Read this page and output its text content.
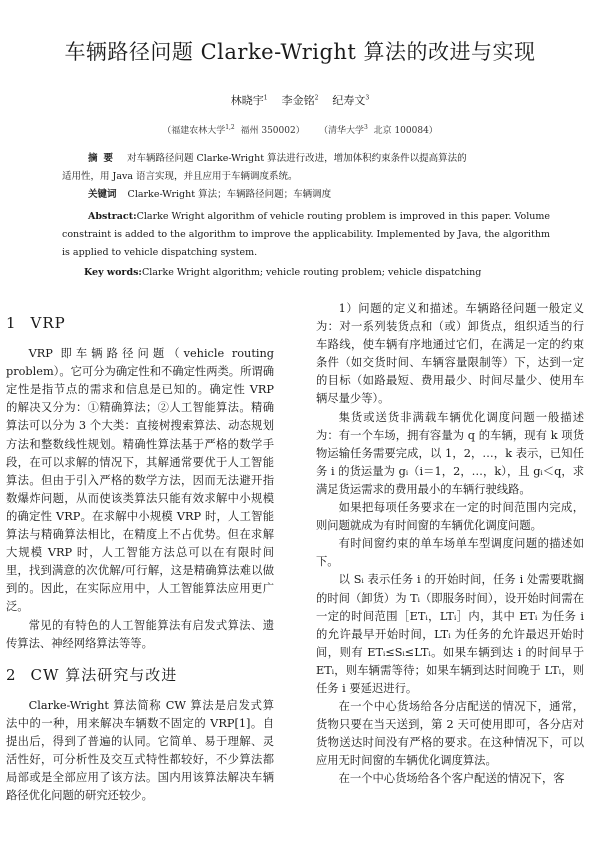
车辆路径问题 Clarke-Wright 算法的改进与实现
林晓宇$^1$ 李金铭$^2$ 纪寿文$^3$
（福建农林大学$^{1,2}$ 福州 350002） （清华大学$^3$ 北京 100084）
摘要 对车辆路径问题 Clarke-Wright 算法进行改进，增加体积约束条件以提高算法的
适用性，用 Java 语言实现，并且应用于车辆调度系统。
关键词 Clarke-Wright 算法；车辆路径问题；车辆调度
Abstract:Clarke Wright algorithm of vehicle routing problem is improved in this paper. Volume constraint is added to the algorithm to improve the applicability. Implemented by Java, the algorithm is applied to vehicle dispatching system.
Key words:Clarke Wright algorithm; vehicle routing problem; vehicle dispatching
1 VRP

VRP 即车辆路径问题（vehicle routing problem）。它可分为确定性和不确定性两类。所谓确定性是指节点的需求和信息是已知的。确定性 VRP 的解决又分为：①精确算法；②人工智能算法。精确算法可以分为 3 个大类：直接树搜索算法、动态规划方法和整数线性规划。精确性算法基于严格的数学手段，在可以求解的情况下，其解通常要优于人工智能算法。但由于引入严格的数学方法，因而无法避开指数爆炸问题，从而使该类算法只能有效求解中小规模的确定性 VRP。在求解中小规模 VRP 时，人工智能算法与精确算法相比，在精度上不占优势。但在求解大规模 VRP 时，人工智能方法总可以在有限时间里，找到满意的次优解/可行解，这是精确算法难以做到的。因此，在实际应用中，人工智能算法应用更广泛。

常见的有特色的人工智能算法有启发式算法、遗传算法、神经网络算法等等。

2 CW 算法研究与改进

Clarke-Wright 算法简称 CW 算法是启发式算法中的一种，用来解决车辆数不固定的 VRP[1]。自提出后，得到了普遍的认同。它简单、易于理解、灵活性好，可分析性及交互式特性都较好，不少算法都局部或是全部应用了该方法。国内用该算法解决车辆路径优化问题的研究还较少。

1）问题的定义和描述。车辆路径问题一般定义为：对一系列装货点和（或）卸货点，组织适当的行车路线，使车辆有序地通过它们，在满足一定的约束条件（如交货时间、车辆容量限制等）下，达到一定的目标（如路最短、费用最少、时间尽量少、使用车辆尽量少等）。

集货或送货非满载车辆优化调度问题一般描述为：有一个车场，拥有容量为 q 的车辆，现有 k 项货物运输任务需要完成，以 1，2，…，k 表示，已知任务 i 的货运量为 gᵢ（i＝1，2，…，k），且 gᵢ＜q，求满足货运需求的费用最小的车辆行驶线路。

如果把每项任务要求在一定的时间范围内完成，则问题就成为有时间窗的车辆优化调度问题。

有时间窗约束的单车场单车型调度问题的描述如下。

以 Sᵢ 表示任务 i 的开始时间，任务 i 处需要耽搁的时间（卸货）为 Tᵢ（即服务时间），设开始时间需在一定的时间范围［ETᵢ，LTᵢ］内，其中 ETᵢ 为任务 i 的允许最早开始时间，LTᵢ 为任务的允许最迟开始时间，则有 ETᵢ≤Sᵢ≤LTᵢ。如果车辆到达 i 的时间早于 ETᵢ，则车辆需等待；如果车辆到达时间晚于 LTᵢ，则任务 i 要延迟进行。

在一个中心货场给各分店配送的情况下，通常，货物只要在当天送到，第 2 天可使用即可，各分店对货物送达时间没有严格的要求。在这种情况下，可以应用无时间窗的车辆优化调度算法。

在一个中心货场给各个客户配送的情况下，客
